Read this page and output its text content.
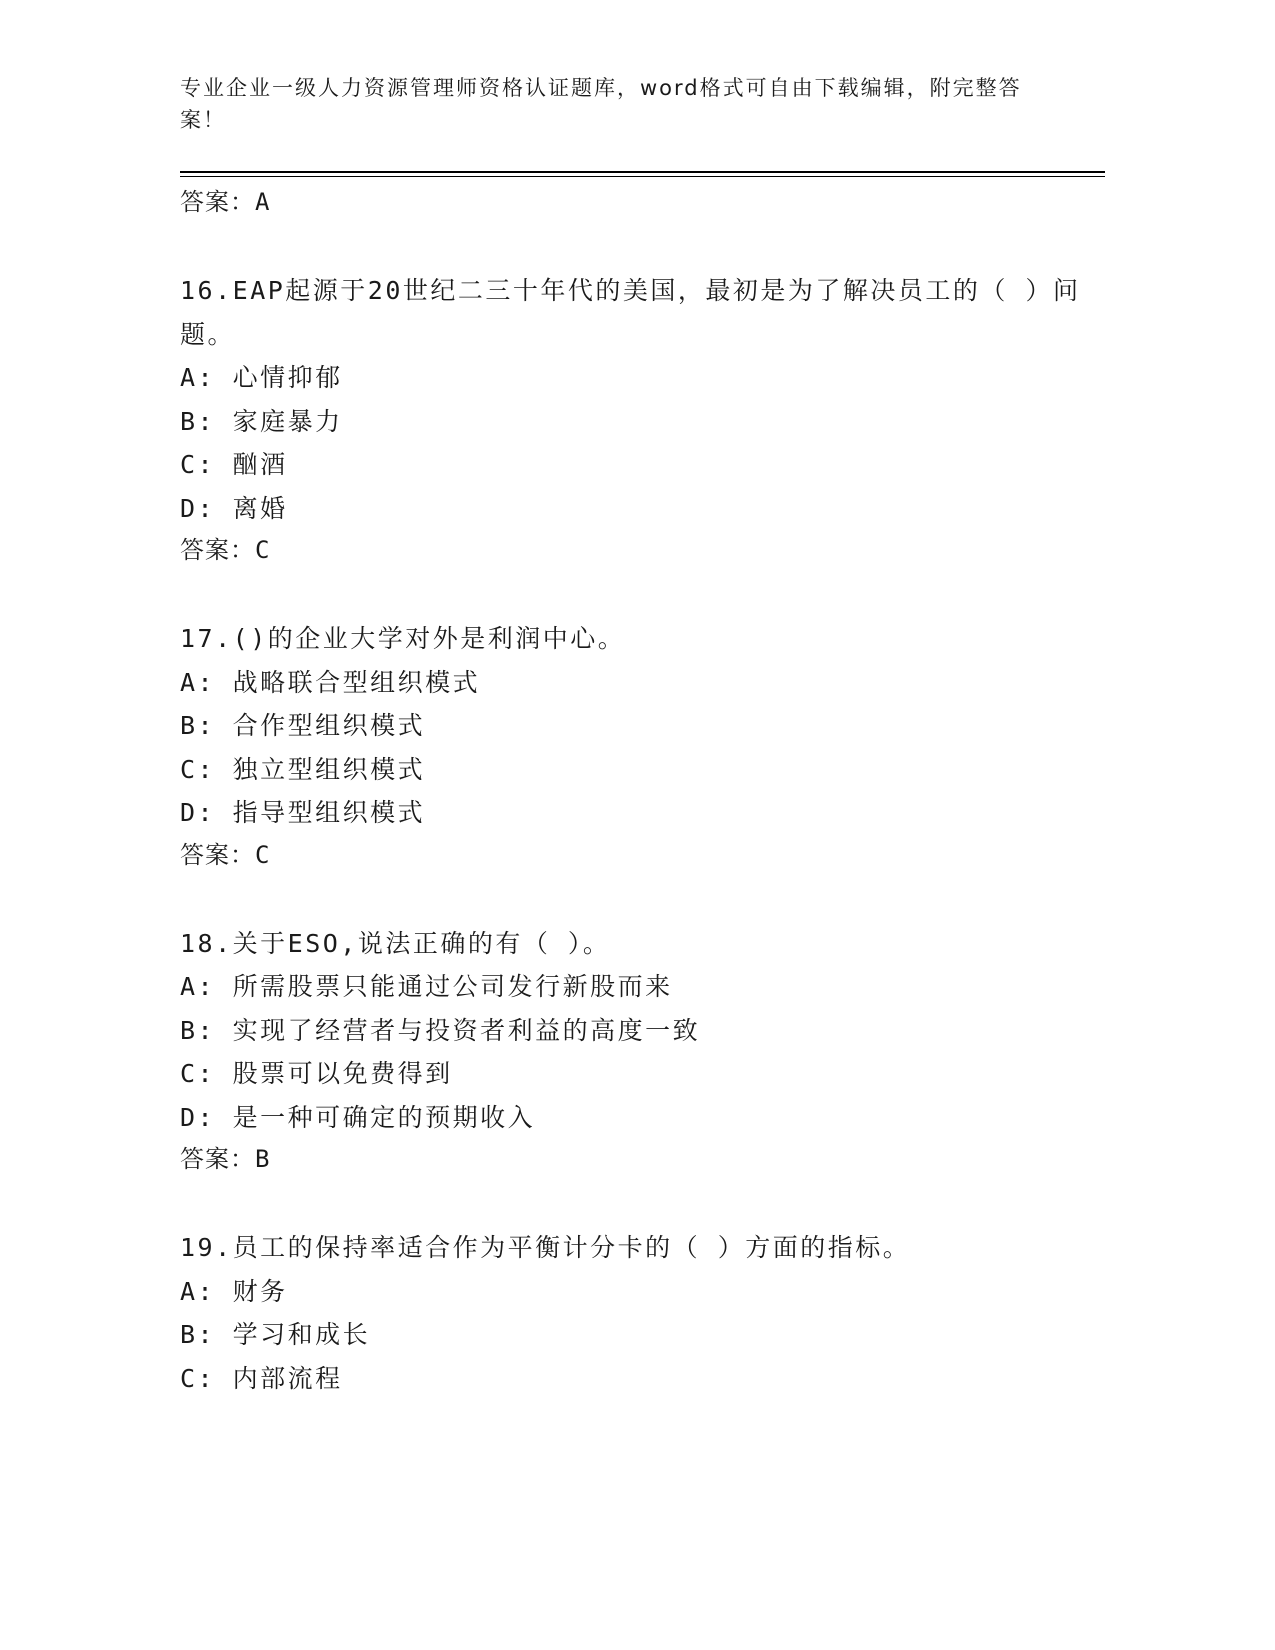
专业企业一级人力资源管理师资格认证题库，word格式可自由下载编辑，附完整答案！
答案：A
16.EAP起源于20世纪二三十年代的美国，最初是为了解决员工的（ ）问题。
A: 心情抑郁
B: 家庭暴力
C: 酗酒
D: 离婚
答案：C
17.()的企业大学对外是利润中心。
A: 战略联合型组织模式
B: 合作型组织模式
C: 独立型组织模式
D: 指导型组织模式
答案：C
18.关于ESO,说法正确的有（ ）。
A: 所需股票只能通过公司发行新股而来
B: 实现了经营者与投资者利益的高度一致
C: 股票可以免费得到
D: 是一种可确定的预期收入
答案：B
19.员工的保持率适合作为平衡计分卡的（ ）方面的指标。
A: 财务
B: 学习和成长
C: 内部流程
